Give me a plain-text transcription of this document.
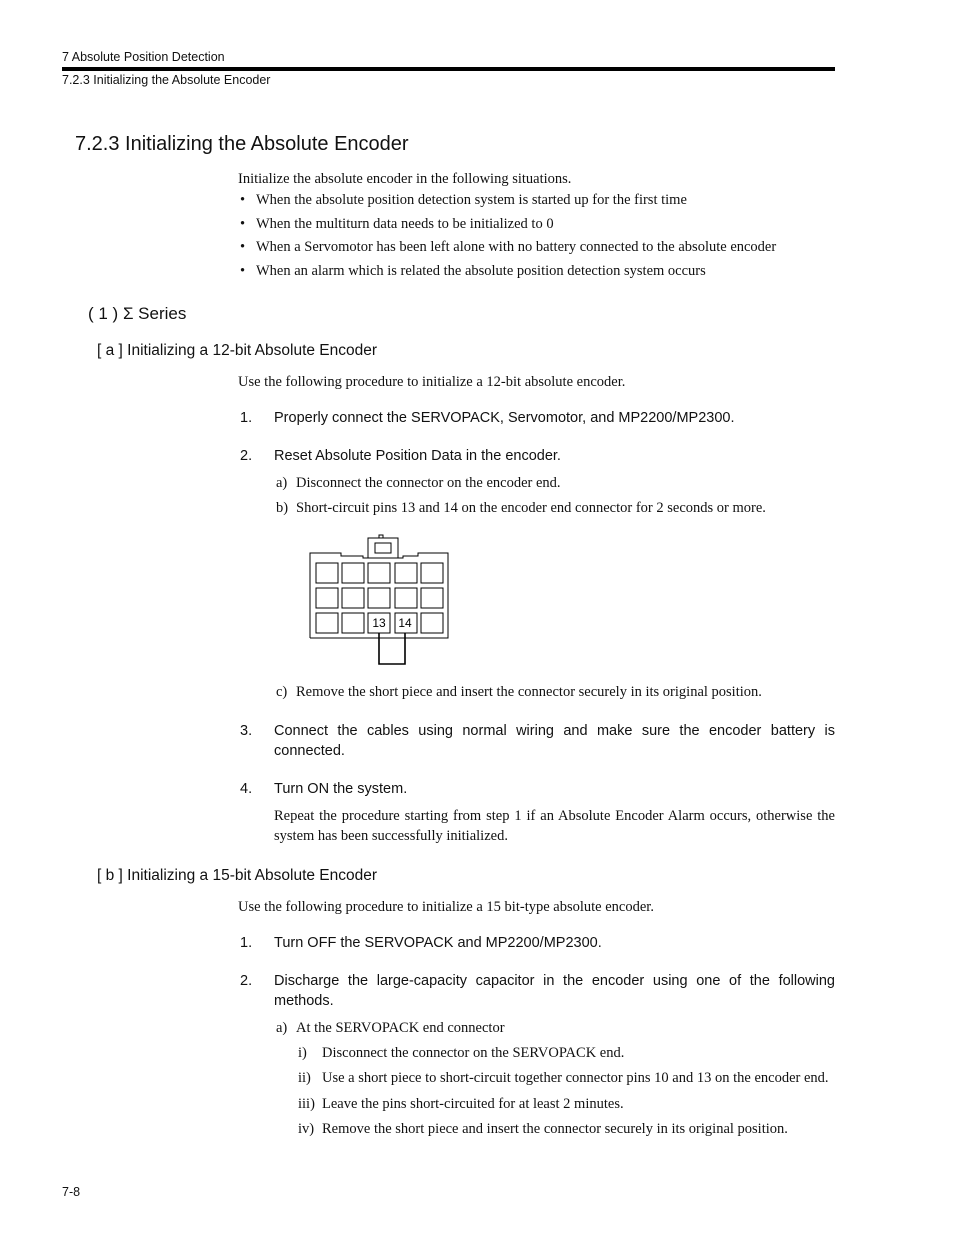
7 Absolute Position Detection
7.2.3 Initializing the Absolute Encoder
7.2.3 Initializing the Absolute Encoder
Initialize the absolute encoder in the following situations.
• When the absolute position detection system is started up for the first time
• When the multiturn data needs to be initialized to 0
• When a Servomotor has been left alone with no battery connected to the absolute encoder
• When an alarm which is related the absolute position detection system occurs
( 1 ) Σ Series
[ a ] Initializing a 12-bit Absolute Encoder
Use the following procedure to initialize a 12-bit absolute encoder.
1. Properly connect the SERVOPACK, Servomotor, and MP2200/MP2300.
2. Reset Absolute Position Data in the encoder.
a) Disconnect the connector on the encoder end.
b) Short-circuit pins 13 and 14 on the encoder end connector for 2 seconds or more.
13 14
c) Remove the short piece and insert the connector securely in its original position.
3. Connect the cables using normal wiring and make sure the encoder battery is connected.
4. Turn ON the system.
Repeat the procedure starting from step 1 if an Absolute Encoder Alarm occurs, otherwise the system has been successfully initialized.
[ b ] Initializing a 15-bit Absolute Encoder
Use the following procedure to initialize a 15 bit-type absolute encoder.
1. Turn OFF the SERVOPACK and MP2200/MP2300.
2. Discharge the large-capacity capacitor in the encoder using one of the following methods.
a) At the SERVOPACK end connector
i) Disconnect the connector on the SERVOPACK end.
ii) Use a short piece to short-circuit together connector pins 10 and 13 on the encoder end.
iii) Leave the pins short-circuited for at least 2 minutes.
iv) Remove the short piece and insert the connector securely in its original position.
7-8
